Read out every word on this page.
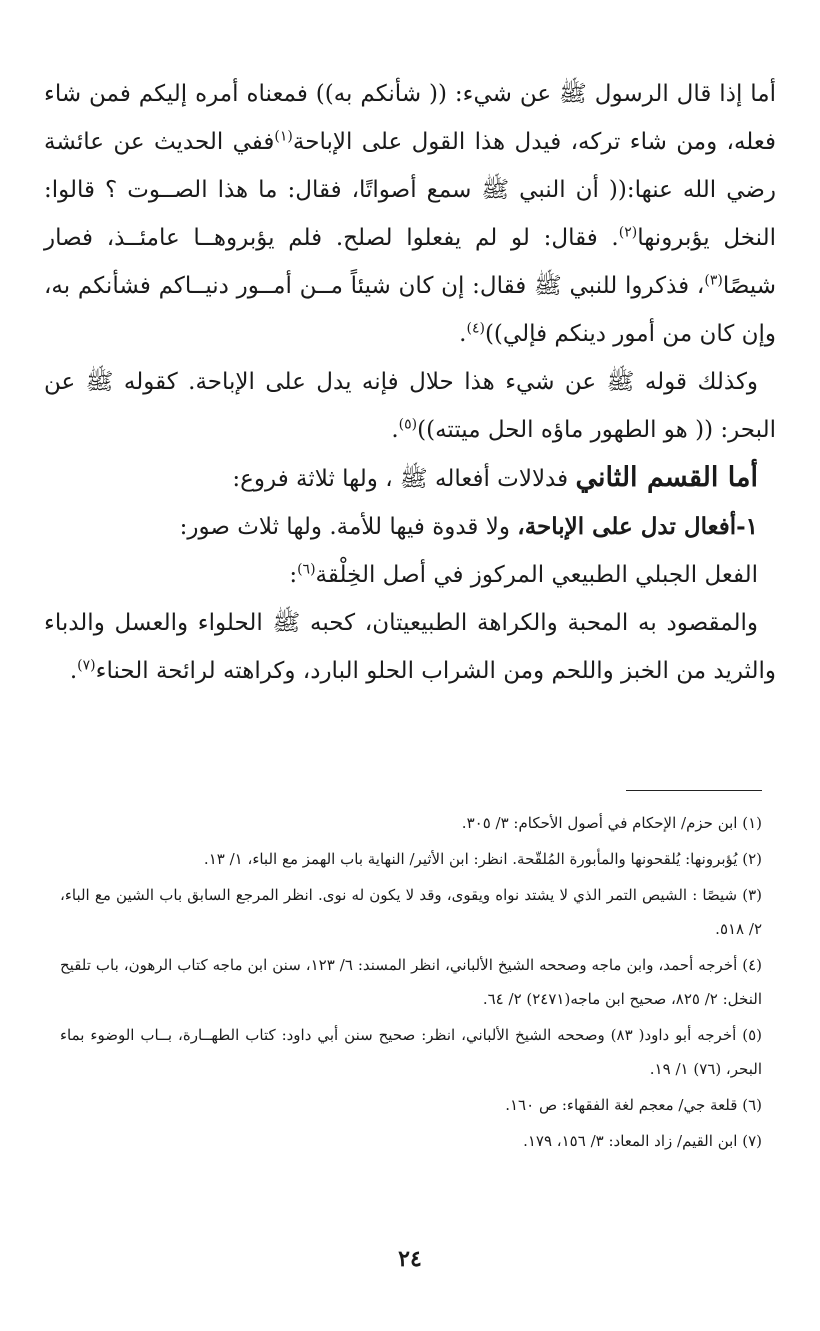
أما إذا قال الرسول ﷺ عن شيء: (( شأنكم به)) فمعناه أمره إليكم فمن شاء فعله، ومن شاء تركه، فيدل هذا القول على الإباحة$^{(١)}$ففي الحديث عن عائشة رضي الله عنها:(( أن النبي ﷺ سمع أصواتًا، فقال: ما هذا الصــوت ؟ قالوا: النخل يؤبرونها$^{(٢)}$. فقال: لو لم يفعلوا لصلح. فلم يؤبروهــا عامئــذ، فصار شيصًا$^{(٣)}$، فذكروا للنبي ﷺ فقال: إن كان شيئاً مــن أمــور دنيــاكم فشأنكم به، وإن كان من أمور دينكم فإلي))$^{(٤)}$.

وكذلك قوله ﷺ عن شيء هذا حلال فإنه يدل على الإباحة. كقوله ﷺ عن البحر: (( هو الطهور ماؤه الحل ميتته))$^{(٥)}$.

أما القسم الثاني فدلالات أفعاله ﷺ ، ولها ثلاثة فروع:

١-أفعال تدل على الإباحة، ولا قدوة فيها للأمة. ولها ثلاث صور:

الفعل الجبلي الطبيعي المركوز في أصل الخِلْقة$^{(٦)}$:

والمقصود به المحبة والكراهة الطبيعيتان، كحبه ﷺ الحلواء والعسل والدباء والثريد من الخبز واللحم ومن الشراب الحلو البارد، وكراهته لرائحة الحناء$^{(٧)}$.

(١) ابن حزم/ الإحكام في أصول الأحكام: ٣/ ٣٠٥.

(٢) يُؤبرونها: يُلقحونها والمأبورة المُلقّحة. انظر: ابن الأثير/ النهاية باب الهمز مع الباء، ١/ ١٣.

(٣) شيصًا : الشيص التمر الذي لا يشتد نواه ويقوى، وقد لا يكون له نوى. انظر المرجع السابق باب الشين مع الباء، ٢/ ٥١٨.

(٤) أخرجه أحمد، وابن ماجه وصححه الشيخ الألباني، انظر المسند: ٦/ ١٢٣، سنن ابن ماجه كتاب الرهون، باب تلقيح النخل: ٢/ ٨٢٥، صحيح ابن ماجه(٢٤٧١) ٢/ ٦٤.

(٥) أخرجه أبو داود( ٨٣) وصححه الشيخ الألباني، انظر: صحيح سنن أبي داود: كتاب الطهــارة، بــاب الوضوء بماء البحر، (٧٦) ١/ ١٩.

(٦) قلعة جي/ معجم لغة الفقهاء: ص ١٦٠.

(٧) ابن القيم/ زاد المعاد: ٣/ ١٥٦، ١٧٩.

٢٤
